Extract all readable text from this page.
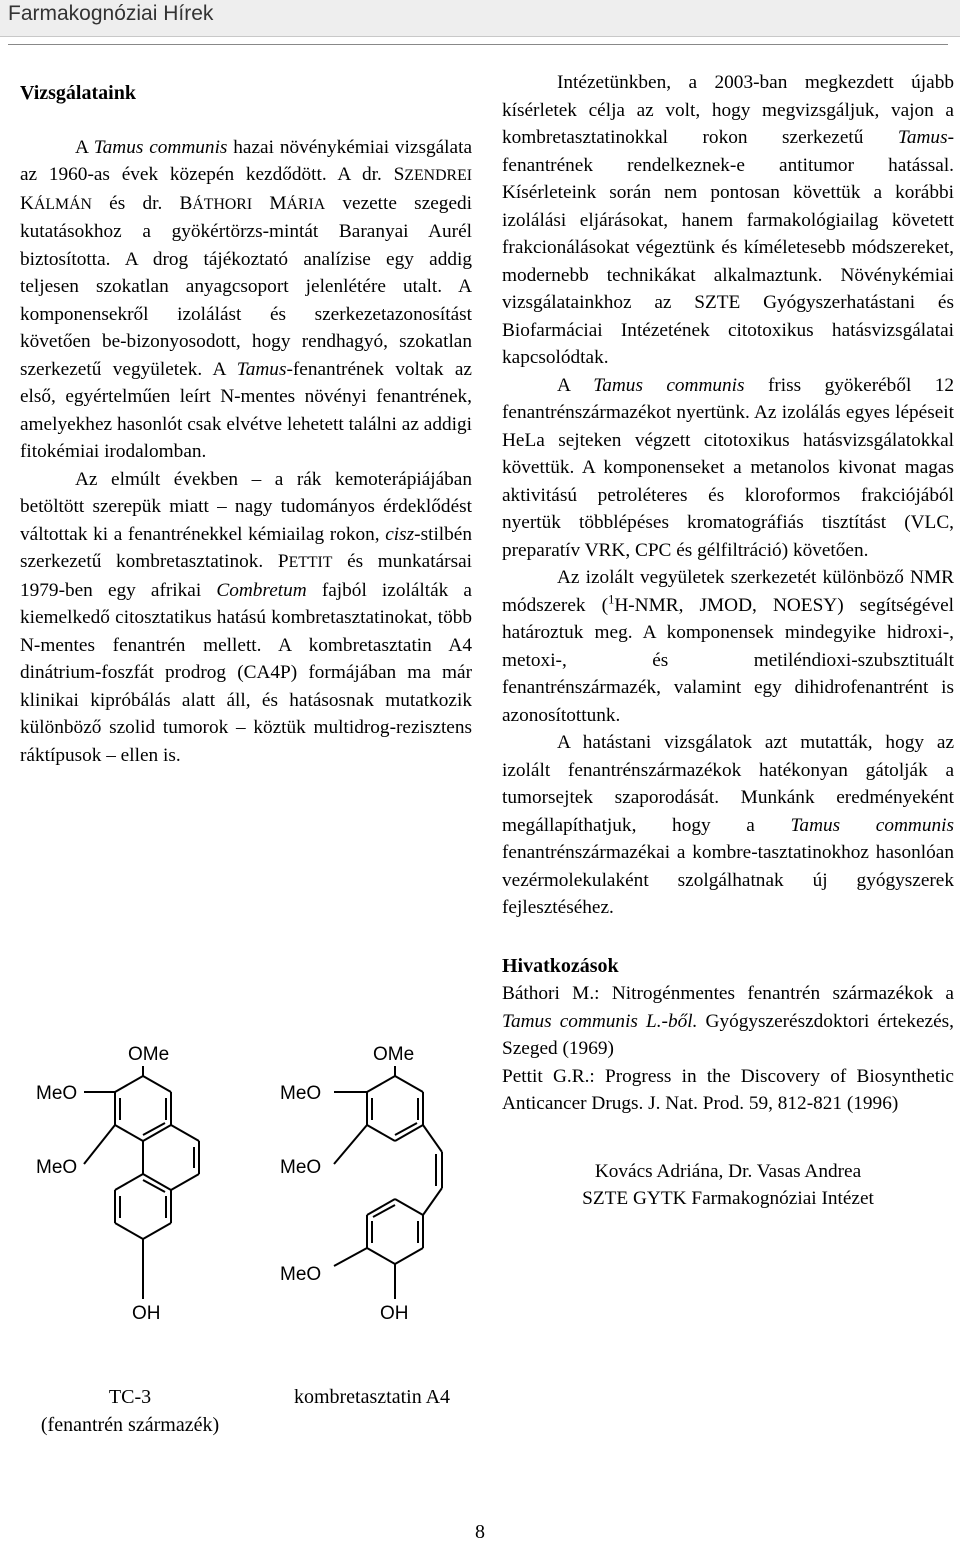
Farmakognóziai Hírek
Vizsgálataink

A Tamus communis hazai növénykémiai vizsgálata az 1960-as évek közepén kezdődött. A dr. SZENDREI KÁLMÁN és dr. BÁTHORI MÁRIA vezette szegedi kutatásokhoz a gyökértörzs-mintát Baranyai Aurél biztosította. A drog tájékoztató analízise egy addig teljesen szokatlan anyagcsoport jelenlétére utalt. A komponensekről izolálást és szerkezetazonosítást követően be-bizonyosodott, hogy rendhagyó, szokatlan szerkezetű vegyületek. A Tamus-fenantrének voltak az első, egyértelműen leírt N-mentes növényi fenantrének, amelyekhez hasonlót csak elvétve lehetett találni az addigi fitokémiai irodalomban.

Az elmúlt években – a rák kemoterápiájában betöltött szerepük miatt – nagy tudományos érdeklődést váltottak ki a fenantrénekkel kémiailag rokon, cisz-stilbén szerkezetű kombretasztatinok. PETTIT és munkatársai 1979-ben egy afrikai Combretum fajból izolálták a kiemelkedő citosztatikus hatású kombretasztatinokat, több N-mentes fenantrén mellett. A kombretasztatin A4 dinátrium-foszfát prodrog (CA4P) formájában ma már klinikai kipróbálás alatt áll, és hatásosnak mutatkozik különböző szolid tumorok – köztük multidrog-rezisztens ráktípusok – ellen is.

OMe
MeO
MeO
OH
TC-3
(fenantrén származék)
OMe
MeO
MeO
MeO
OH
kombretasztatin A4

Intézetünkben, a 2003-ban megkezdett újabb kísérletek célja az volt, hogy megvizsgáljuk, vajon a kombretasztatinokkal rokon szerkezetű Tamus-fenantrének rendelkeznek-e antitumor hatással. Kísérleteink során nem pontosan követtük a korábbi izolálási eljárásokat, hanem farmakológiailag követett frakcionálásokat végeztünk és kíméletesebb módszereket, modernebb technikákat alkalmaztunk. Növénykémiai vizsgálatainkhoz az SZTE Gyógyszerhatástani és Biofarmáciai Intézetének citotoxikus hatásvizsgálatai kapcsolódtak.

A Tamus communis friss gyökeréből 12 fenantrénszármazékot nyertünk. Az izolálás egyes lépéseit HeLa sejteken végzett citotoxikus hatásvizsgálatokkal követtük. A komponenseket a metanolos kivonat magas aktivitású petroléteres és kloroformos frakciójából nyertük többlépéses kromatográfiás tisztítást (VLC, preparatív VRK, CPC és gélfiltráció) követően.

Az izolált vegyületek szerkezetét különböző NMR módszerek ($^1$H-NMR, JMOD, NOESY) segítségével határoztuk meg. A komponensek mindegyike hidroxi-, metoxi-, és metiléndioxi-szubsztituált fenantrénszármazék, valamint egy dihidrofenantrént is azonosítottunk.

A hatástani vizsgálatok azt mutatták, hogy az izolált fenantrénszármazékok hatékonyan gátolják a tumorsejtek szaporodását. Munkánk eredményeként megállapíthatjuk, hogy a Tamus communis fenantrénszármazékai a kombre-tasztatinokhoz hasonlóan vezérmolekulaként szolgálhatnak új gyógyszerek fejlesztéséhez.

Hivatkozások

Báthori M.: Nitrogénmentes fenantrén származékok a Tamus communis L.-ből. Gyógyszerészdoktori értekezés, Szeged (1969)

Pettit G.R.: Progress in the Discovery of Biosynthetic Anticancer Drugs. J. Nat. Prod. 59, 812-821 (1996)

Kovács Adriána, Dr. Vasas Andrea
SZTE GYTK Farmakognóziai Intézet
8
